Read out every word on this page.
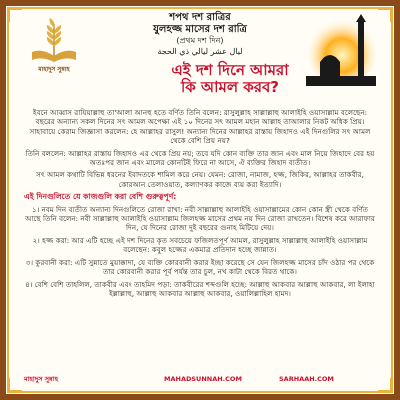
মাহাদুস সুন্নাহ
শপথ দশ রাত্রির
যুলহজ্জ মাসের দশ রাত্রি
(প্রথম দশ দিন)
ليال عشر ليالي ذي الحجة
এই দশ দিনে আমরা
কি আমল করব?

ইবনে আব্বাস রাযিয়াল্লাহু তা'আলা আনহু হতে বর্ণিত তিনি বলেন: রাসুলুল্লাহ সাল্লাল্লাহু আলাইহি ওয়াসাল্লাম বলেছেন: বছরের অন্যান্য সকল দিনের সৎ আমল অপেক্ষা এই ১০ দিনের সৎ আমল মহান আল্লাহ তাআলার নিকট অধিক প্রিয়। সাহাবায়ে কেরাম জিজ্ঞাসা করলেন: হে আল্লাহর রাসুল! অন্যান্য দিনের আল্লাহর রাস্তায় জিহাদও এই দিনগুলির সৎ আমল থেকে বেশি প্রিয় নয়?

তিনি বললেন: আল্লাহর রাস্তায় জিহাদও এর থেকে প্রিয় নয়; তবে যদি কোন ব্যক্তি তার জান এবং মাল নিয়ে জিহাদে বের হয় অতঃপর জান এবং মালের কোনটিই ফিরে না আসে, ঐ ব্যক্তির জিহাদ ব্যতীত।

সৎ আমল কথাটি বিভিন্ন ধরনের ইবাদতকে শামিল করে নেয়। যেমন: রোজা, নামাজ, হজ্জ, জিকির, আল্লাহর তাকবীর, কোরআন তেলাওয়াত, কল্যাণকর কাজে ব্যয় করা ইত্যাদি।

এই দিনগুলিতে যে কাজগুলি করা বেশি গুরুত্বপূর্ণ:

১। নবম দিন ব্যতীত অন্যান্য দিনগুলিতে রোজা রাখা: নবী সাল্লাল্লাহু আলাইহি ওয়াসাল্লামের কোন কোন স্ত্রী থেকে বর্ণিত আছে তিনি বলেন: নবী সাল্লাল্লাহু আলাইহি ওয়াসাল্লাম জিলহজ্জ মাসের প্রথম নয় দিন রোজা রাখতেন। বিশেষ করে আরাফার দিন, যে দিনের রোজা দুই বছরের গুনাহ মিটিয়ে দেয়।

২। হজ্জ করা: আর এটি হচ্ছে এই দশ দিনের কৃত সবচেয়ে ফজিলতপূর্ণ আমল, রাসুলুল্লাহ সাল্লাল্লাহু আলাইহি ওয়াসাল্লাম বলেছেন: কবুল হজ্জের একমাত্র প্রতিদান হচ্ছে জান্নাত।

৩। কুরবানী করা: এটি সুন্নাতে মুয়াক্কাদা, যে ব্যক্তি কোরবানী করার ইচ্ছা করেছে সে যেন জিলহজ্জ মাসের চাঁদ ওঠার পর থেকে তার কোরবানী করার পূর্ব পর্যন্ত তার চুল, নখ কাটা থেকে বিরত থাকে।

৪। বেশি বেশি তাহলিল, তাকবীর এবং তাহমিদ পড়া: তাকবীরের শব্দগুলি হচ্ছে: আল্লাহু আকবার আল্লাহু আকবার, লা ইলাহা ইল্লাল্লাহু, আল্লাহু আকবার আল্লাহু আকবার, ওয়ালিল্লাহিল হামদ।

মাহাদুস সুন্নাহ	MAHADSUNNAH.COM	SARHAAH.COM
